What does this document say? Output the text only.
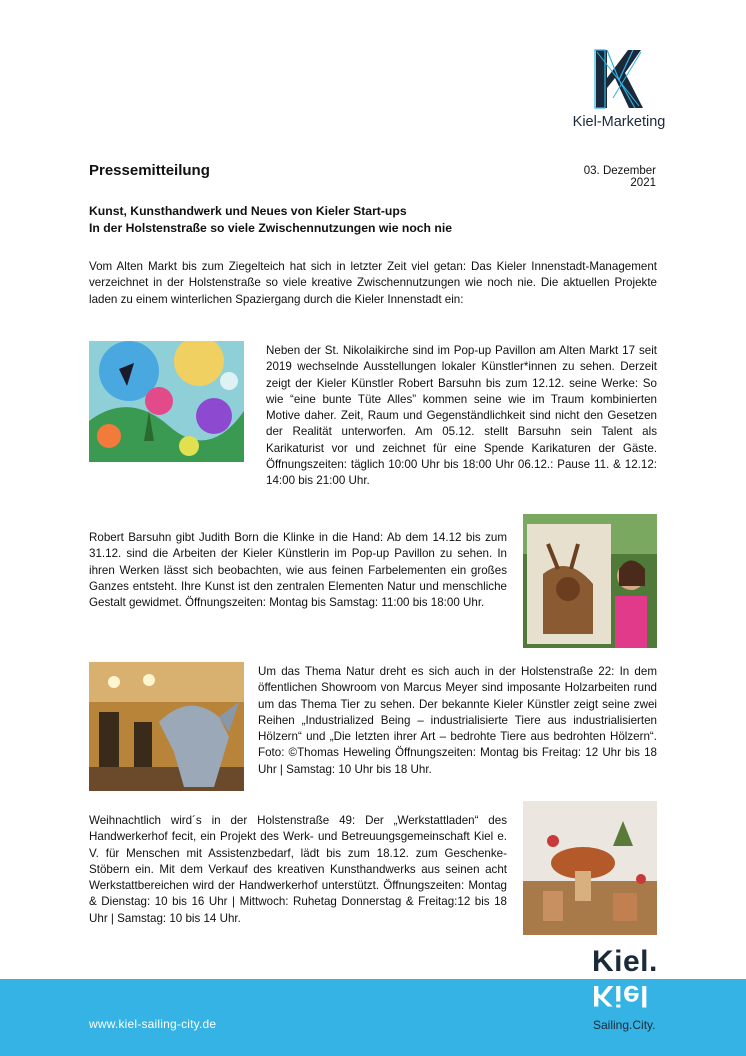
Kiel-Marketing
Pressemitteilung	03. Dezember 2021
Kunst, Kunsthandwerk und Neues von Kieler Start-ups
In der Holstenstraße so viele Zwischennutzungen wie noch nie
Vom Alten Markt bis zum Ziegelteich hat sich in letzter Zeit viel getan: Das Kieler Innenstadt-Management verzeichnet in der Holstenstraße so viele kreative Zwischennutzungen wie noch nie. Die aktuellen Projekte laden zu einem winterlichen Spaziergang durch die Kieler Innenstadt ein:
Neben der St. Nikolaikirche sind im Pop-up Pavillon am Alten Markt 17 seit 2019 wechselnde Ausstellungen lokaler Künstler*innen zu sehen. Derzeit zeigt der Kieler Künstler Robert Barsuhn bis zum 12.12. seine Werke: So wie “eine bunte Tüte Alles” kommen seine wie im Traum kombinierten Motive daher. Zeit, Raum und Gegenständlichkeit sind nicht den Gesetzen der Realität unterworfen. Am 05.12. stellt Barsuhn sein Talent als Karikaturist vor und zeichnet für eine Spende Karikaturen der Gäste. Öffnungszeiten: täglich 10:00 Uhr bis 18:00 Uhr 06.12.: Pause 11. & 12.12: 14:00 bis 21:00 Uhr.
Robert Barsuhn gibt Judith Born die Klinke in die Hand: Ab dem 14.12 bis zum 31.12. sind die Arbeiten der Kieler Künstlerin im Pop-up Pavillon zu sehen. In ihren Werken lässt sich beobachten, wie aus feinen Farbelementen ein großes Ganzes entsteht. Ihre Kunst ist den zentralen Elementen Natur und menschliche Gestalt gewidmet. Öffnungszeiten: Montag bis Samstag: 11:00 bis 18:00 Uhr.
Um das Thema Natur dreht es sich auch in der Holstenstraße 22: In dem öffentlichen Showroom von Marcus Meyer sind imposante Holzarbeiten rund um das Thema Tier zu sehen. Der bekannte Kieler Künstler zeigt seine zwei Reihen „Industrialized Being – industrialisierte Tiere aus industrialisierten Hölzern“ und „Die letzten ihrer Art – bedrohte Tiere aus bedrohten Hölzern“. Foto: ©Thomas Heweling Öffnungszeiten: Montag bis Freitag: 12 Uhr bis 18 Uhr | Samstag: 10 Uhr bis 18 Uhr.
Weihnachtlich wird´s in der Holstenstraße 49: Der „Werkstattladen“ des Handwerkerhof fecit, ein Projekt des Werk- und Betreuungsgemeinschaft Kiel e. V. für Menschen mit Assistenzbedarf, lädt bis zum 18.12. zum Geschenke-Stöbern ein. Mit dem Verkauf des kreativen Kunsthandwerks aus seinen acht Werkstattbereichen wird der Handwerkerhof unterstützt. Öffnungszeiten: Montag & Dienstag: 10 bis 16 Uhr | Mittwoch: Ruhetag Donnerstag & Freitag:12 bis 18 Uhr | Samstag: 10 bis 14 Uhr.
Kiel.
Kiel
Sailing.City.
www.kiel-sailing-city.de
